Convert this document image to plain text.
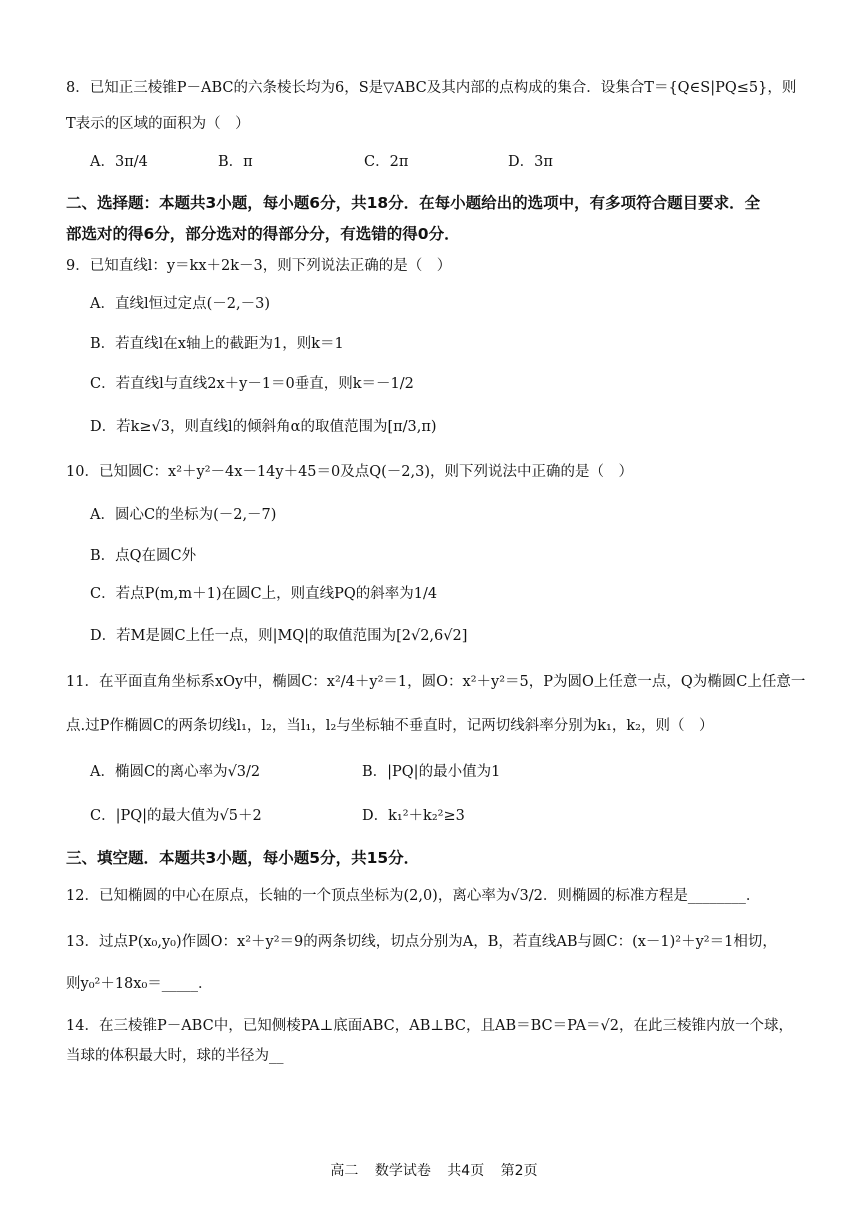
8．已知正三棱锥P－ABC的六条棱长均为6，S是▽ABC及其内部的点构成的集合．设集合T＝{Q∈S|PQ≤5}，则
T表示的区域的面积为（　）
A．3π/4	B．π	C．2π	D．3π
二、选择题：本题共3小题，每小题6分，共18分．在每小题给出的选项中，有多项符合题目要求．全
部选对的得6分，部分选对的得部分分，有选错的得0分．
9．已知直线l：y＝kx＋2k－3，则下列说法正确的是（　）
A．直线l恒过定点(－2,－3)
B．若直线l在x轴上的截距为1，则k＝1
C．若直线l与直线2x＋y－1＝0垂直，则k＝－1/2
D．若k≥√3，则直线l的倾斜角α的取值范围为[π/3,π)
10．已知圆C：x²＋y²－4x－14y＋45＝0及点Q(－2,3)，则下列说法中正确的是（　）
A．圆心C的坐标为(－2,－7)
B．点Q在圆C外
C．若点P(m,m＋1)在圆C上，则直线PQ的斜率为1/4
D．若M是圆C上任一点，则|MQ|的取值范围为[2√2,6√2]
11．在平面直角坐标系xOy中，椭圆C：x²/4＋y²＝1，圆O：x²＋y²＝5，P为圆O上任意一点，Q为椭圆C上任意一
点.过P作椭圆C的两条切线l₁，l₂，当l₁，l₂与坐标轴不垂直时，记两切线斜率分别为k₁，k₂，则（　）
A．椭圆C的离心率为√3/2	B．|PQ|的最小值为1
C．|PQ|的最大值为√5＋2	D．k₁²＋k₂²≥3
三、填空题．本题共3小题，每小题5分，共15分．
12．已知椭圆的中心在原点，长轴的一个顶点坐标为(2,0)，离心率为√3/2．则椭圆的标准方程是________．
13．过点P(x₀,y₀)作圆O：x²＋y²＝9的两条切线，切点分别为A，B，若直线AB与圆C：(x－1)²＋y²＝1相切，
则y₀²＋18x₀＝_____．
14．在三棱锥P－ABC中，已知侧棱PA⊥底面ABC，AB⊥BC，且AB＝BC＝PA＝√2，在此三棱锥内放一个球，
当球的体积最大时，球的半径为__
高二 数学试卷 共4页 第2页
